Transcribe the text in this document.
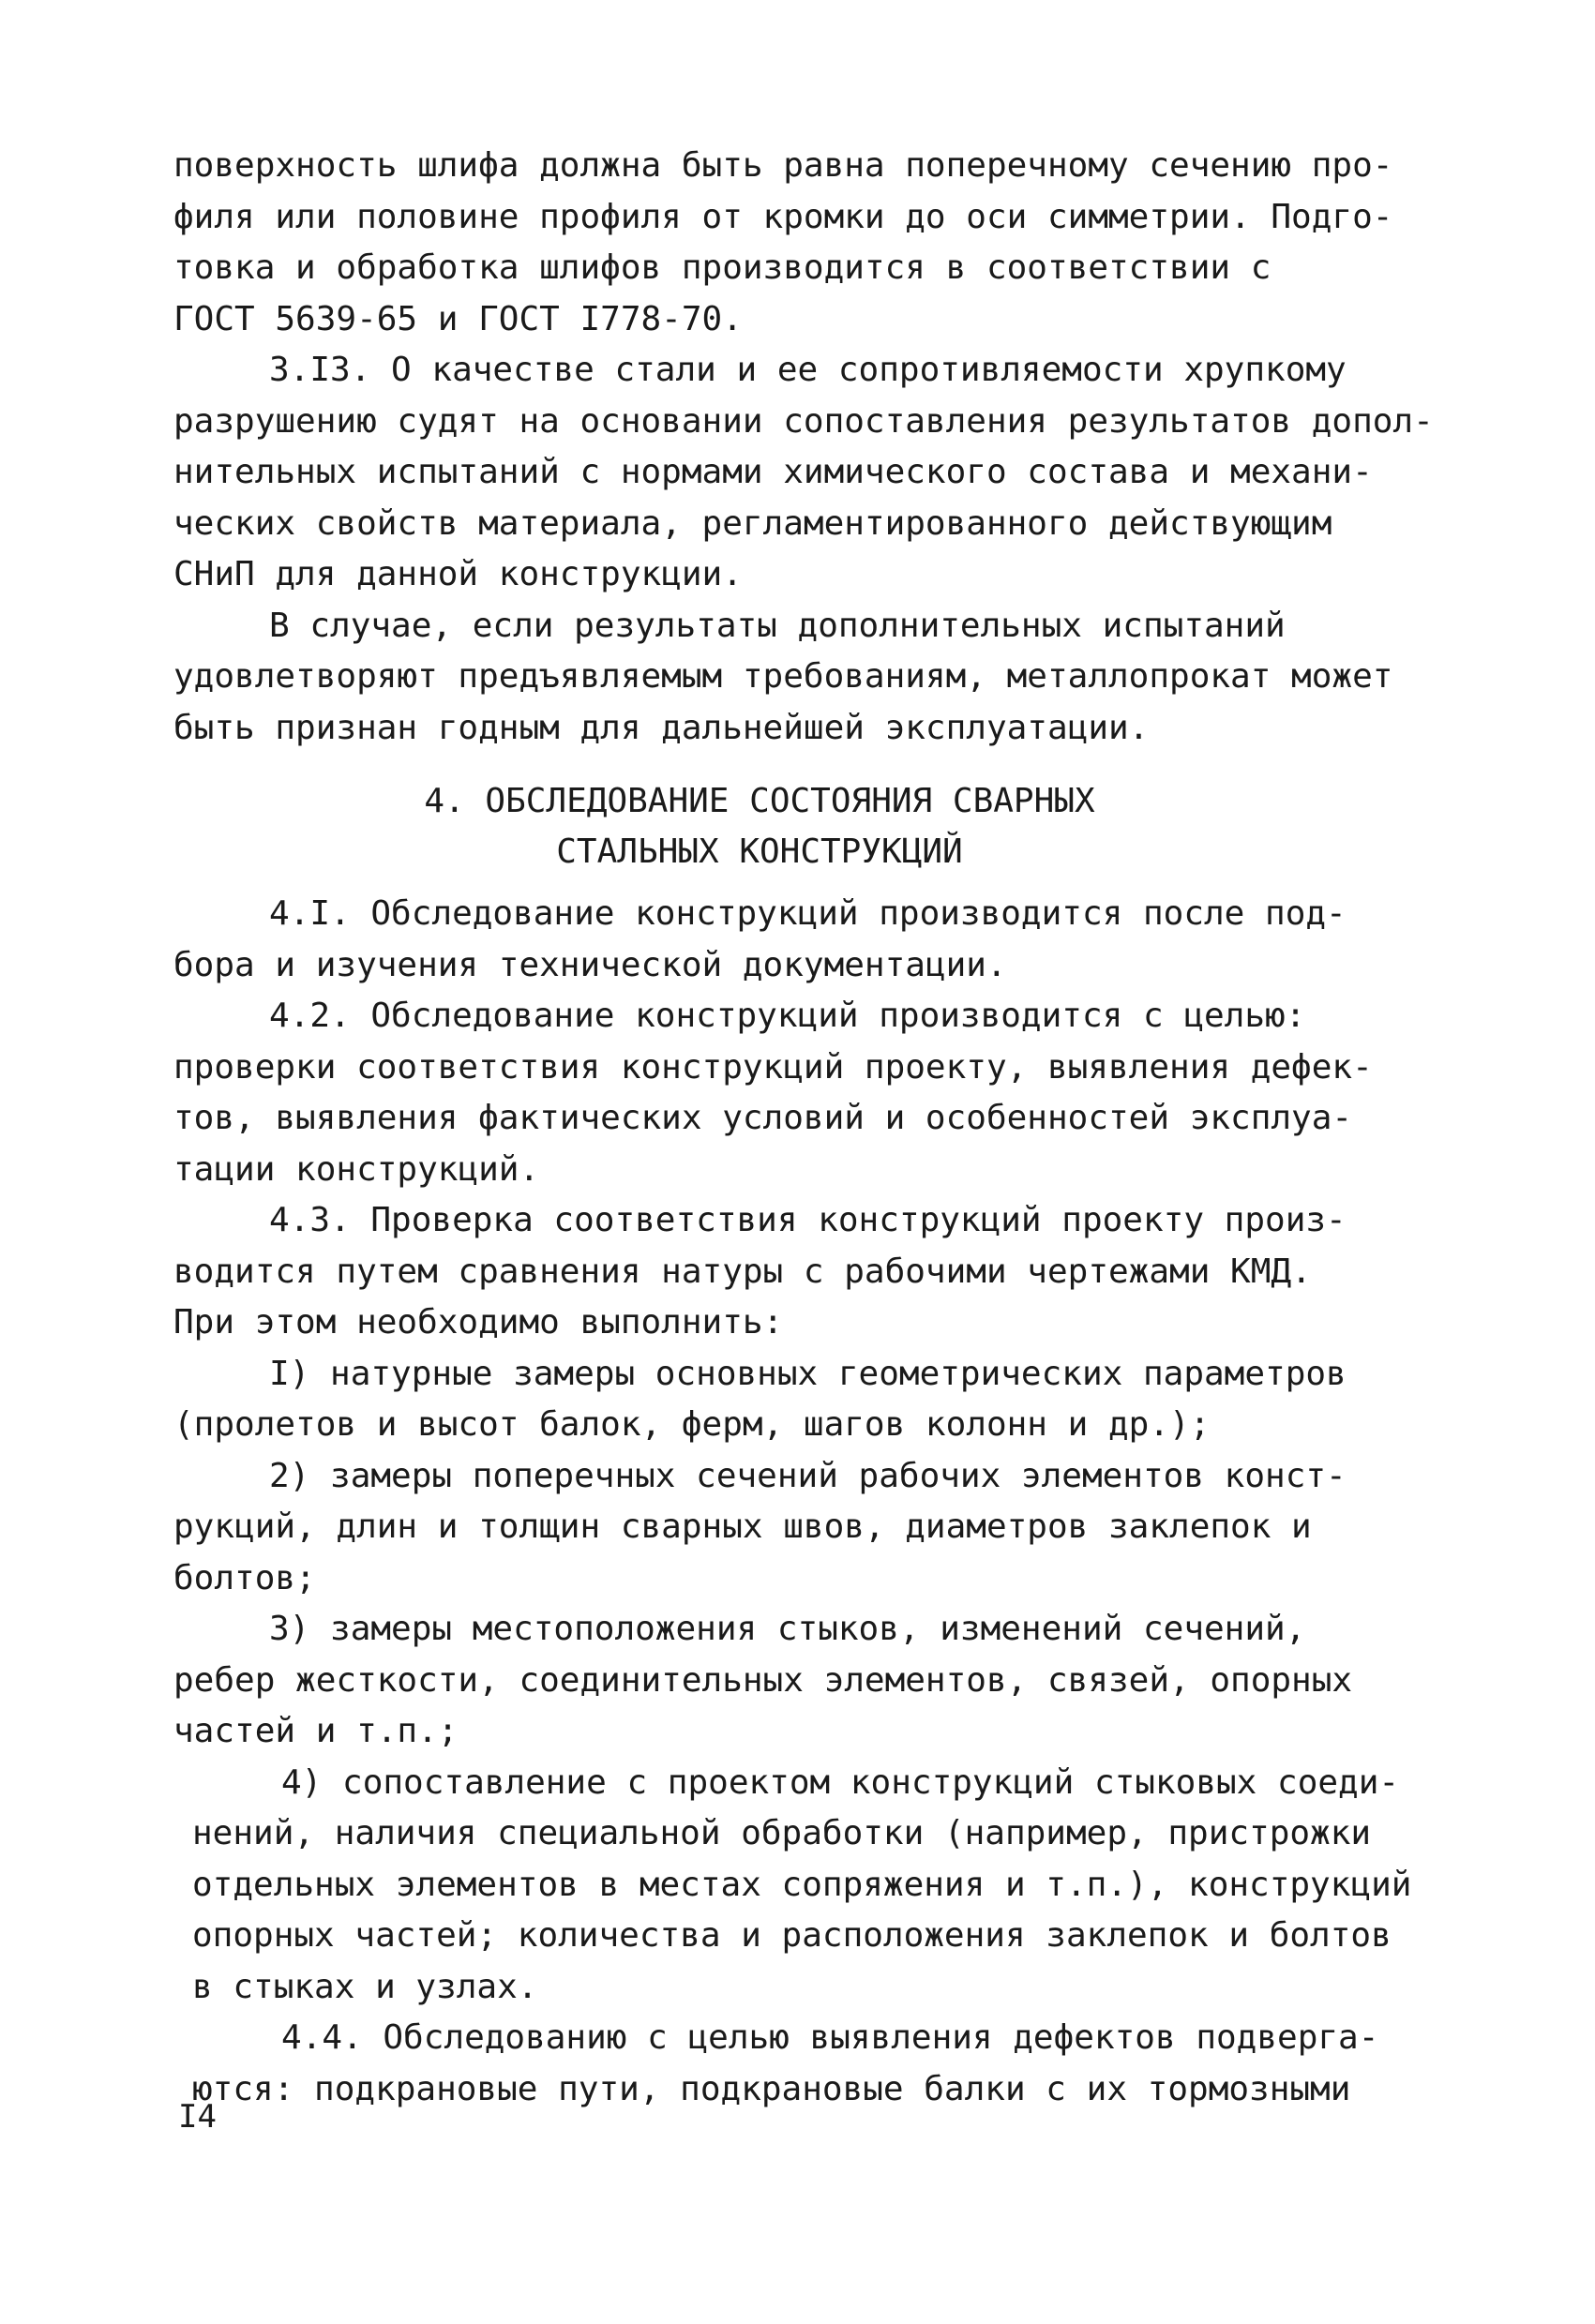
поверхность шлифа должна быть равна поперечному сечению про-
филя или половине профиля от кромки до оси симметрии. Подго-
товка и обработка шлифов производится в соответствии с
ГОСТ 5639-65 и ГОСТ I778-70.
3.I3. О качестве стали и ее сопротивляемости хрупкому
разрушению судят на основании сопоставления результатов допол-
нительных испытаний с нормами химического состава и механи-
ческих свойств материала, регламентированного действующим
СНиП для данной конструкции.
В случае, если результаты дополнительных испытаний
удовлетворяют предъявляемым требованиям, металлопрокат может
быть признан годным для дальнейшей эксплуатации.
4. ОБСЛЕДОВАНИЕ СОСТОЯНИЯ СВАРНЫХ
СТАЛЬНЫХ КОНСТРУКЦИЙ
4.I. Обследование конструкций производится после под-
бора и изучения технической документации.
4.2. Обследование конструкций производится с целью:
проверки соответствия конструкций проекту, выявления дефек-
тов, выявления фактических условий и особенностей эксплуа-
тации конструкций.
4.3. Проверка соответствия конструкций проекту произ-
водится путем сравнения натуры с рабочими чертежами КМД.
При этом необходимо выполнить:
I) натурные замеры основных геометрических параметров
(пролетов и высот балок, ферм, шагов колонн и др.);
2) замеры поперечных сечений рабочих элементов конст-
рукций, длин и толщин сварных швов, диаметров заклепок и
болтов;
3) замеры местоположения стыков, изменений сечений,
ребер жесткости, соединительных элементов, связей, опорных
частей и т.п.;
4) сопоставление с проектом конструкций стыковых соеди-
нений, наличия специальной обработки (например, пристрожки
отдельных элементов в местах сопряжения и т.п.), конструкций
опорных частей; количества и расположения заклепок и болтов
в стыках и узлах.
4.4. Обследованию с целью выявления дефектов подверга-
ются: подкрановые пути, подкрановые балки с их тормозными
I4
